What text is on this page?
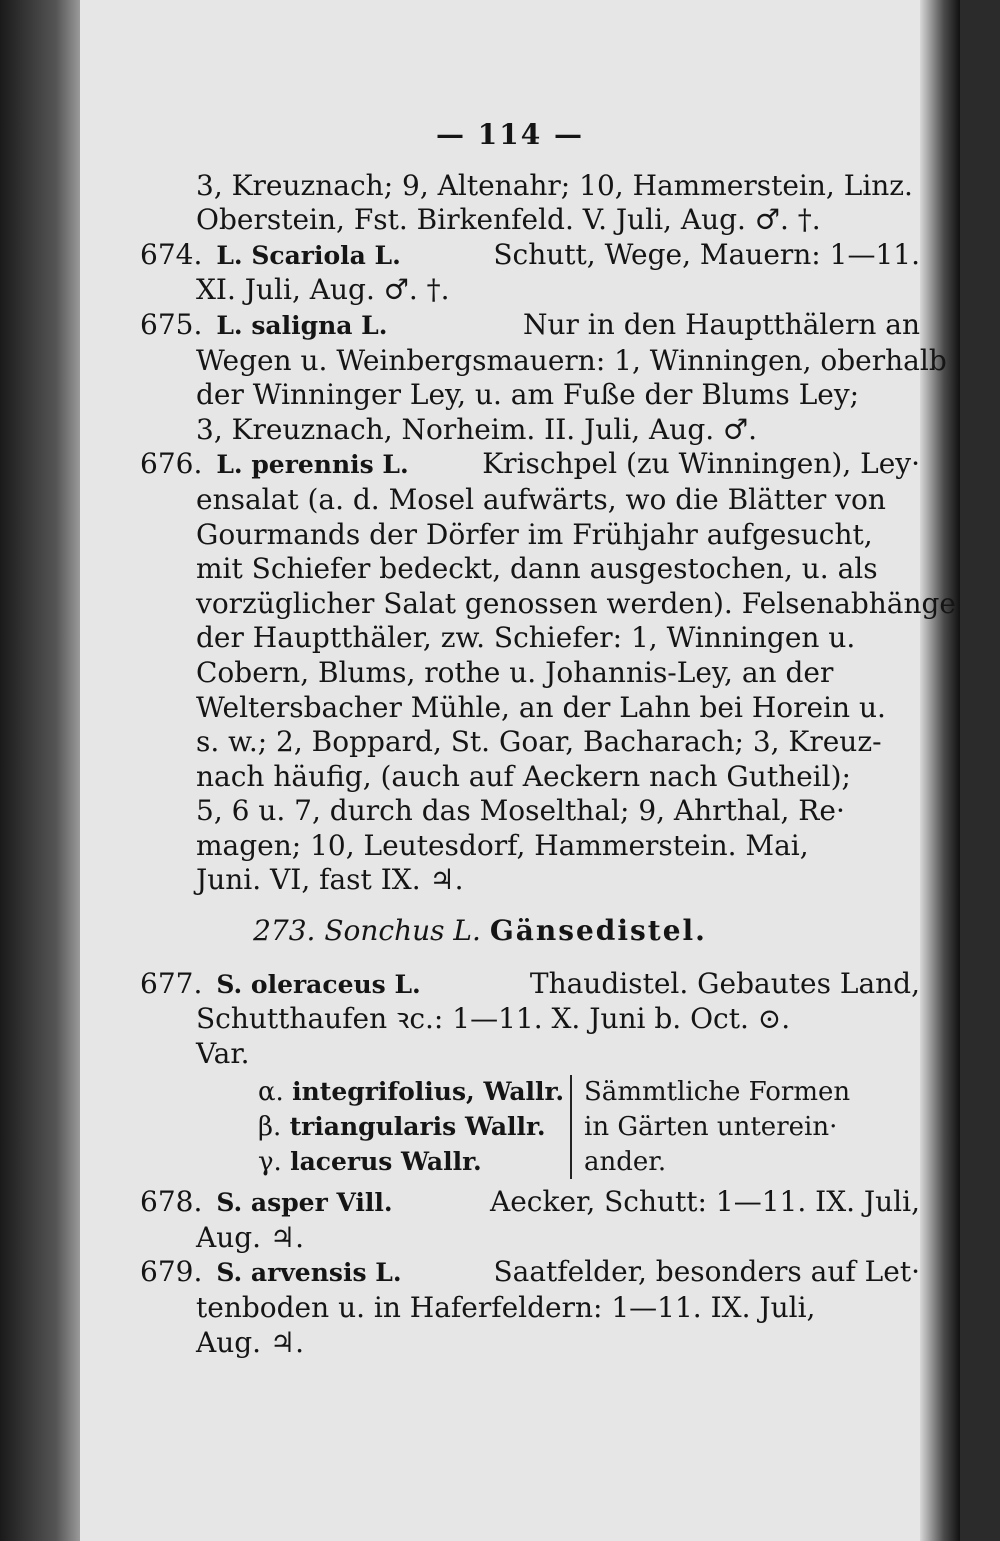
— 114 —
3, Kreuznach; 9, Altenahr; 10, Hammerstein, Linz.
Oberstein, Fst. Birkenfeld. V. Juli, Aug. ♂. †.
674. L. Scariola L.	Schutt, Wege, Mauern: 1—11.
XI. Juli, Aug. ♂. †.
675. L. saligna L.	Nur in den Hauptthälern an
Wegen u. Weinbergsmauern: 1, Winningen, oberhalb
der Winninger Ley, u. am Fuße der Blums Ley;
3, Kreuznach, Norheim. II. Juli, Aug. ♂.
676. L. perennis L.	Krischpel (zu Winningen), Ley·
ensalat (a. d. Mosel aufwärts, wo die Blätter von
Gourmands der Dörfer im Frühjahr aufgesucht,
mit Schiefer bedeckt, dann ausgestochen, u. als
vorzüglicher Salat genossen werden). Felsenabhänge
der Hauptthäler, zw. Schiefer: 1, Winningen u.
Cobern, Blums, rothe u. Johannis-Ley, an der
Weltersbacher Mühle, an der Lahn bei Horein u.
s. w.; 2, Boppard, St. Goar, Bacharach; 3, Kreuz-
nach häufig, (auch auf Aeckern nach Gutheil);
5, 6 u. 7, durch das Moselthal; 9, Ahrthal, Re·
magen; 10, Leutesdorf, Hammerstein. Mai,
Juni. VI, fast IX. ♃.
273. Sonchus L. Gänsedistel.
677. S. oleraceus L.	Thaudistel. Gebautes Land,
Schutthaufen ꝛc.: 1—11. X. Juni b. Oct. ⊙.
Var.
α. integrifolius, Wallr.
β. triangularis Wallr.
γ. lacerus Wallr.
Sämmtliche Formen
in Gärten unterein·
ander.
678. S. asper Vill.	Aecker, Schutt: 1—11. IX. Juli,
Aug. ♃.
679. S. arvensis L.	Saatfelder, besonders auf Let·
tenboden u. in Haferfeldern: 1—11. IX. Juli,
Aug. ♃.
